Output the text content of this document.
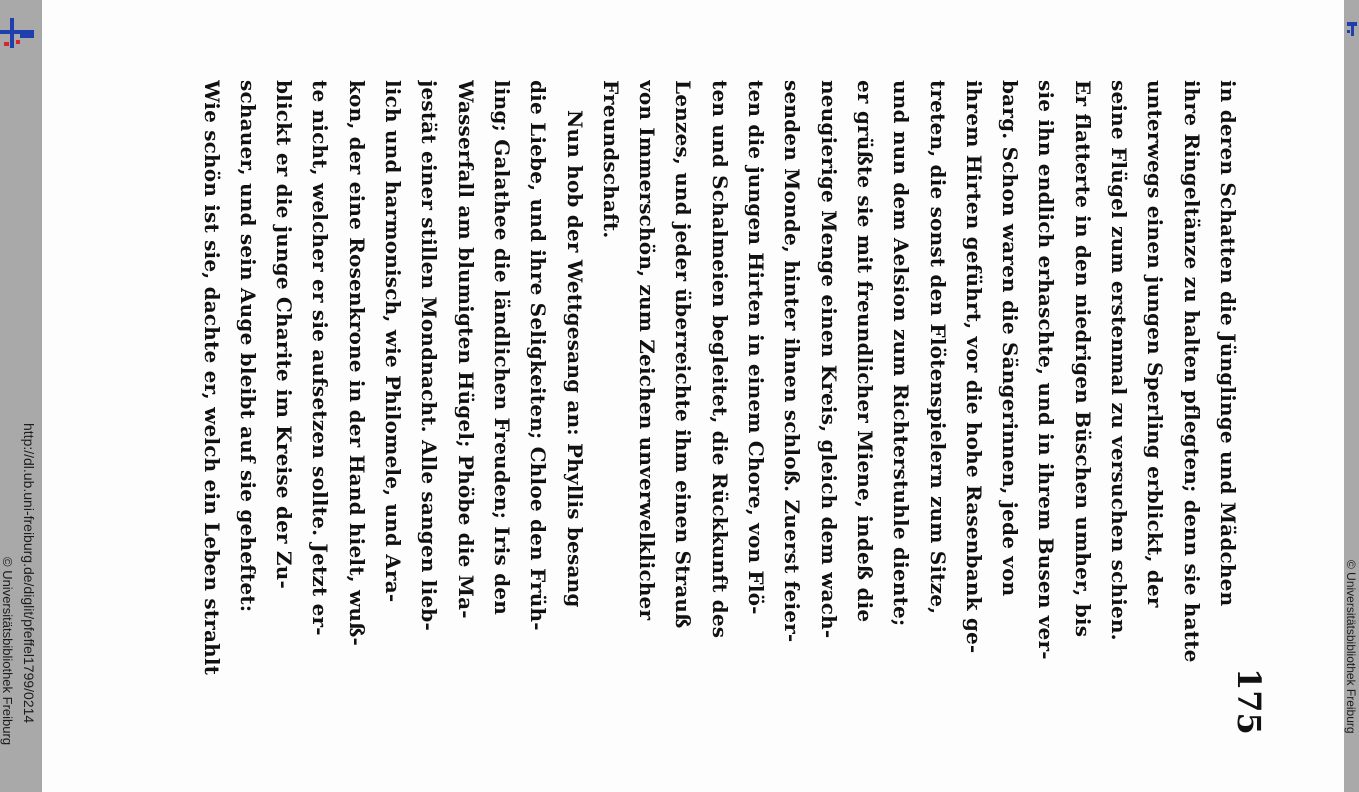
http://dl.ub.uni-freiburg.de/diglit/pfeffel1799/0214
© Universitätsbibliothek Freiburg
in deren Schatten die Jünglinge und Mädchen
ihre Ringeltänze zu halten pflegten; denn sie hatte
unterwegs einen jungen Sperling erblickt, der
seine Flügel zum erstenmal zu versuchen schien.
Er flatterte in den niedrigen Büschen umher, bis
sie ihn endlich erhaschte, und in ihrem Busen ver-
barg. Schon waren die Sängerinnen, jede von
ihrem Hirten geführt, vor die hohe Rasenbank ge-
treten, die sonst den Flötenspielern zum Sitze,
und nun dem Aelsion zum Richterstuhle diente;
er grüßte sie mit freundlicher Miene, indeß die
neugierige Menge einen Kreis, gleich dem wach-
senden Monde, hinter ihnen schloß. Zuerst feier-
ten die jungen Hirten in einem Chore, von Flö-
ten und Schalmeien begleitet, die Rückkunft des
Lenzes, und jeder überreichte ihm einen Strauß
von Immerschön, zum Zeichen unverwelklicher
Freundschaft.
Nun hob der Wettgesang an: Phyllis besang
die Liebe, und ihre Seligkeiten; Chloe den Früh-
ling; Galathee die ländlichen Freuden; Iris den
Wasserfall am blumigten Hügel; Phöbe die Ma-
jestät einer stillen Mondnacht. Alle sangen lieb-
lich und harmonisch, wie Philomele, und Ara-
kon, der eine Rosenkrone in der Hand hielt, wuß-
te nicht, welcher er sie aufsetzen sollte. Jetzt er-
blickt er die junge Charite im Kreise der Zu-
schauer, und sein Auge bleibt auf sie geheftet:
Wie schön ist sie, dachte er, welch ein Leben strahlt
175	© Universitätsbibliothek Freiburg
